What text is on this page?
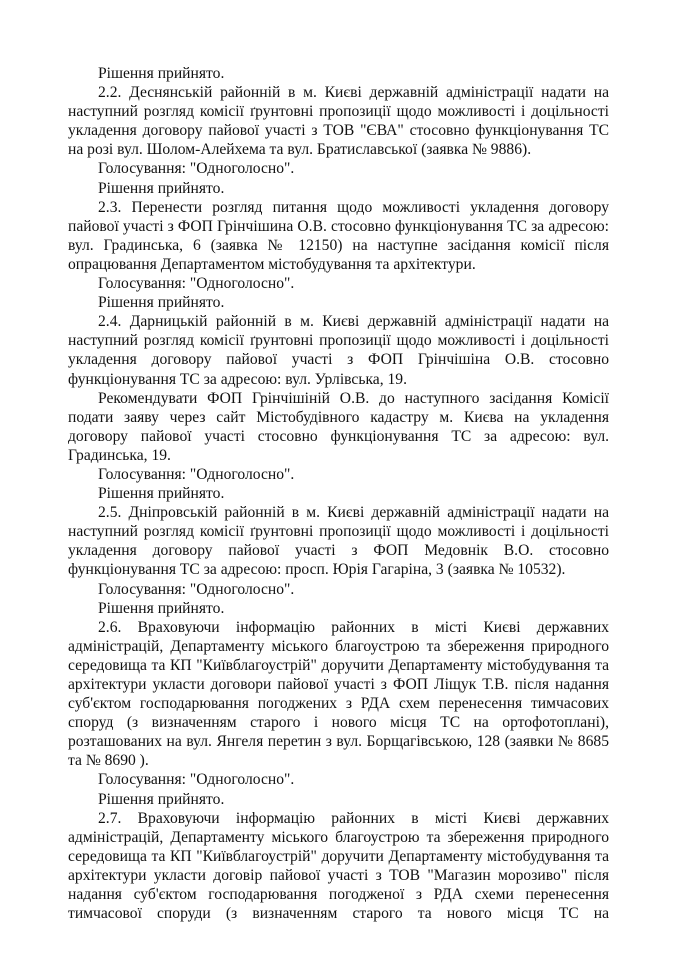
Рішення прийнято.

2.2. Деснянській районній в м. Києві державній адміністрації надати на наступний розгляд комісії ґрунтовні пропозиції щодо можливості і доцільності укладення договору пайової участі з ТОВ "ЄВА" стосовно функціонування ТС на розі вул. Шолом-Алейхема та вул. Братиславської (заявка № 9886).

Голосування: "Одноголосно".

Рішення прийнято.

2.3. Перенести розгляд питання щодо можливості укладення договору пайової участі з ФОП Грінчішина О.В. стосовно функціонування ТС за адресою: вул. Градинська, 6 (заявка № 12150) на наступне засідання комісії після опрацювання Департаментом містобудування та архітектури.

Голосування: "Одноголосно".

Рішення прийнято.

2.4. Дарницькій районній в м. Києві державній адміністрації надати на наступний розгляд комісії ґрунтовні пропозиції щодо можливості і доцільності укладення договору пайової участі з ФОП Грінчішіна О.В. стосовно функціонування ТС за адресою: вул. Урлівська, 19.

Рекомендувати ФОП Грінчішіній О.В. до наступного засідання Комісії подати заяву через сайт Містобудівного кадастру м. Києва на укладення договору пайової участі стосовно функціонування ТС за адресою: вул. Градинська, 19.

Голосування: "Одноголосно".

Рішення прийнято.

2.5. Дніпровській районній в м. Києві державній адміністрації надати на наступний розгляд комісії ґрунтовні пропозиції щодо можливості і доцільності укладення договору пайової участі з ФОП Медовнік В.О. стосовно функціонування ТС за адресою: просп. Юрія Гагаріна, 3 (заявка № 10532).

Голосування: "Одноголосно".

Рішення прийнято.

2.6. Враховуючи інформацію районних в місті Києві державних адміністрацій, Департаменту міського благоустрою та збереження природного середовища та КП "Київблагоустрій" доручити Департаменту містобудування та архітектури укласти договори пайової участі з ФОП Ліщук Т.В. після надання суб'єктом господарювання погоджених з РДА схем перенесення тимчасових споруд (з визначенням старого і нового місця ТС на ортофотоплані), розташованих на вул. Янгеля перетин з вул. Борщагівською, 128 (заявки № 8685 та № 8690 ).

Голосування: "Одноголосно".

Рішення прийнято.

2.7. Враховуючи інформацію районних в місті Києві державних адміністрацій, Департаменту міського благоустрою та збереження природного середовища та КП "Київблагоустрій" доручити Департаменту містобудування та архітектури укласти договір пайової участі з ТОВ "Магазин морозиво" після надання суб'єктом господарювання погодженої з РДА схеми перенесення тимчасової споруди (з визначенням старого та нового місця ТС на
